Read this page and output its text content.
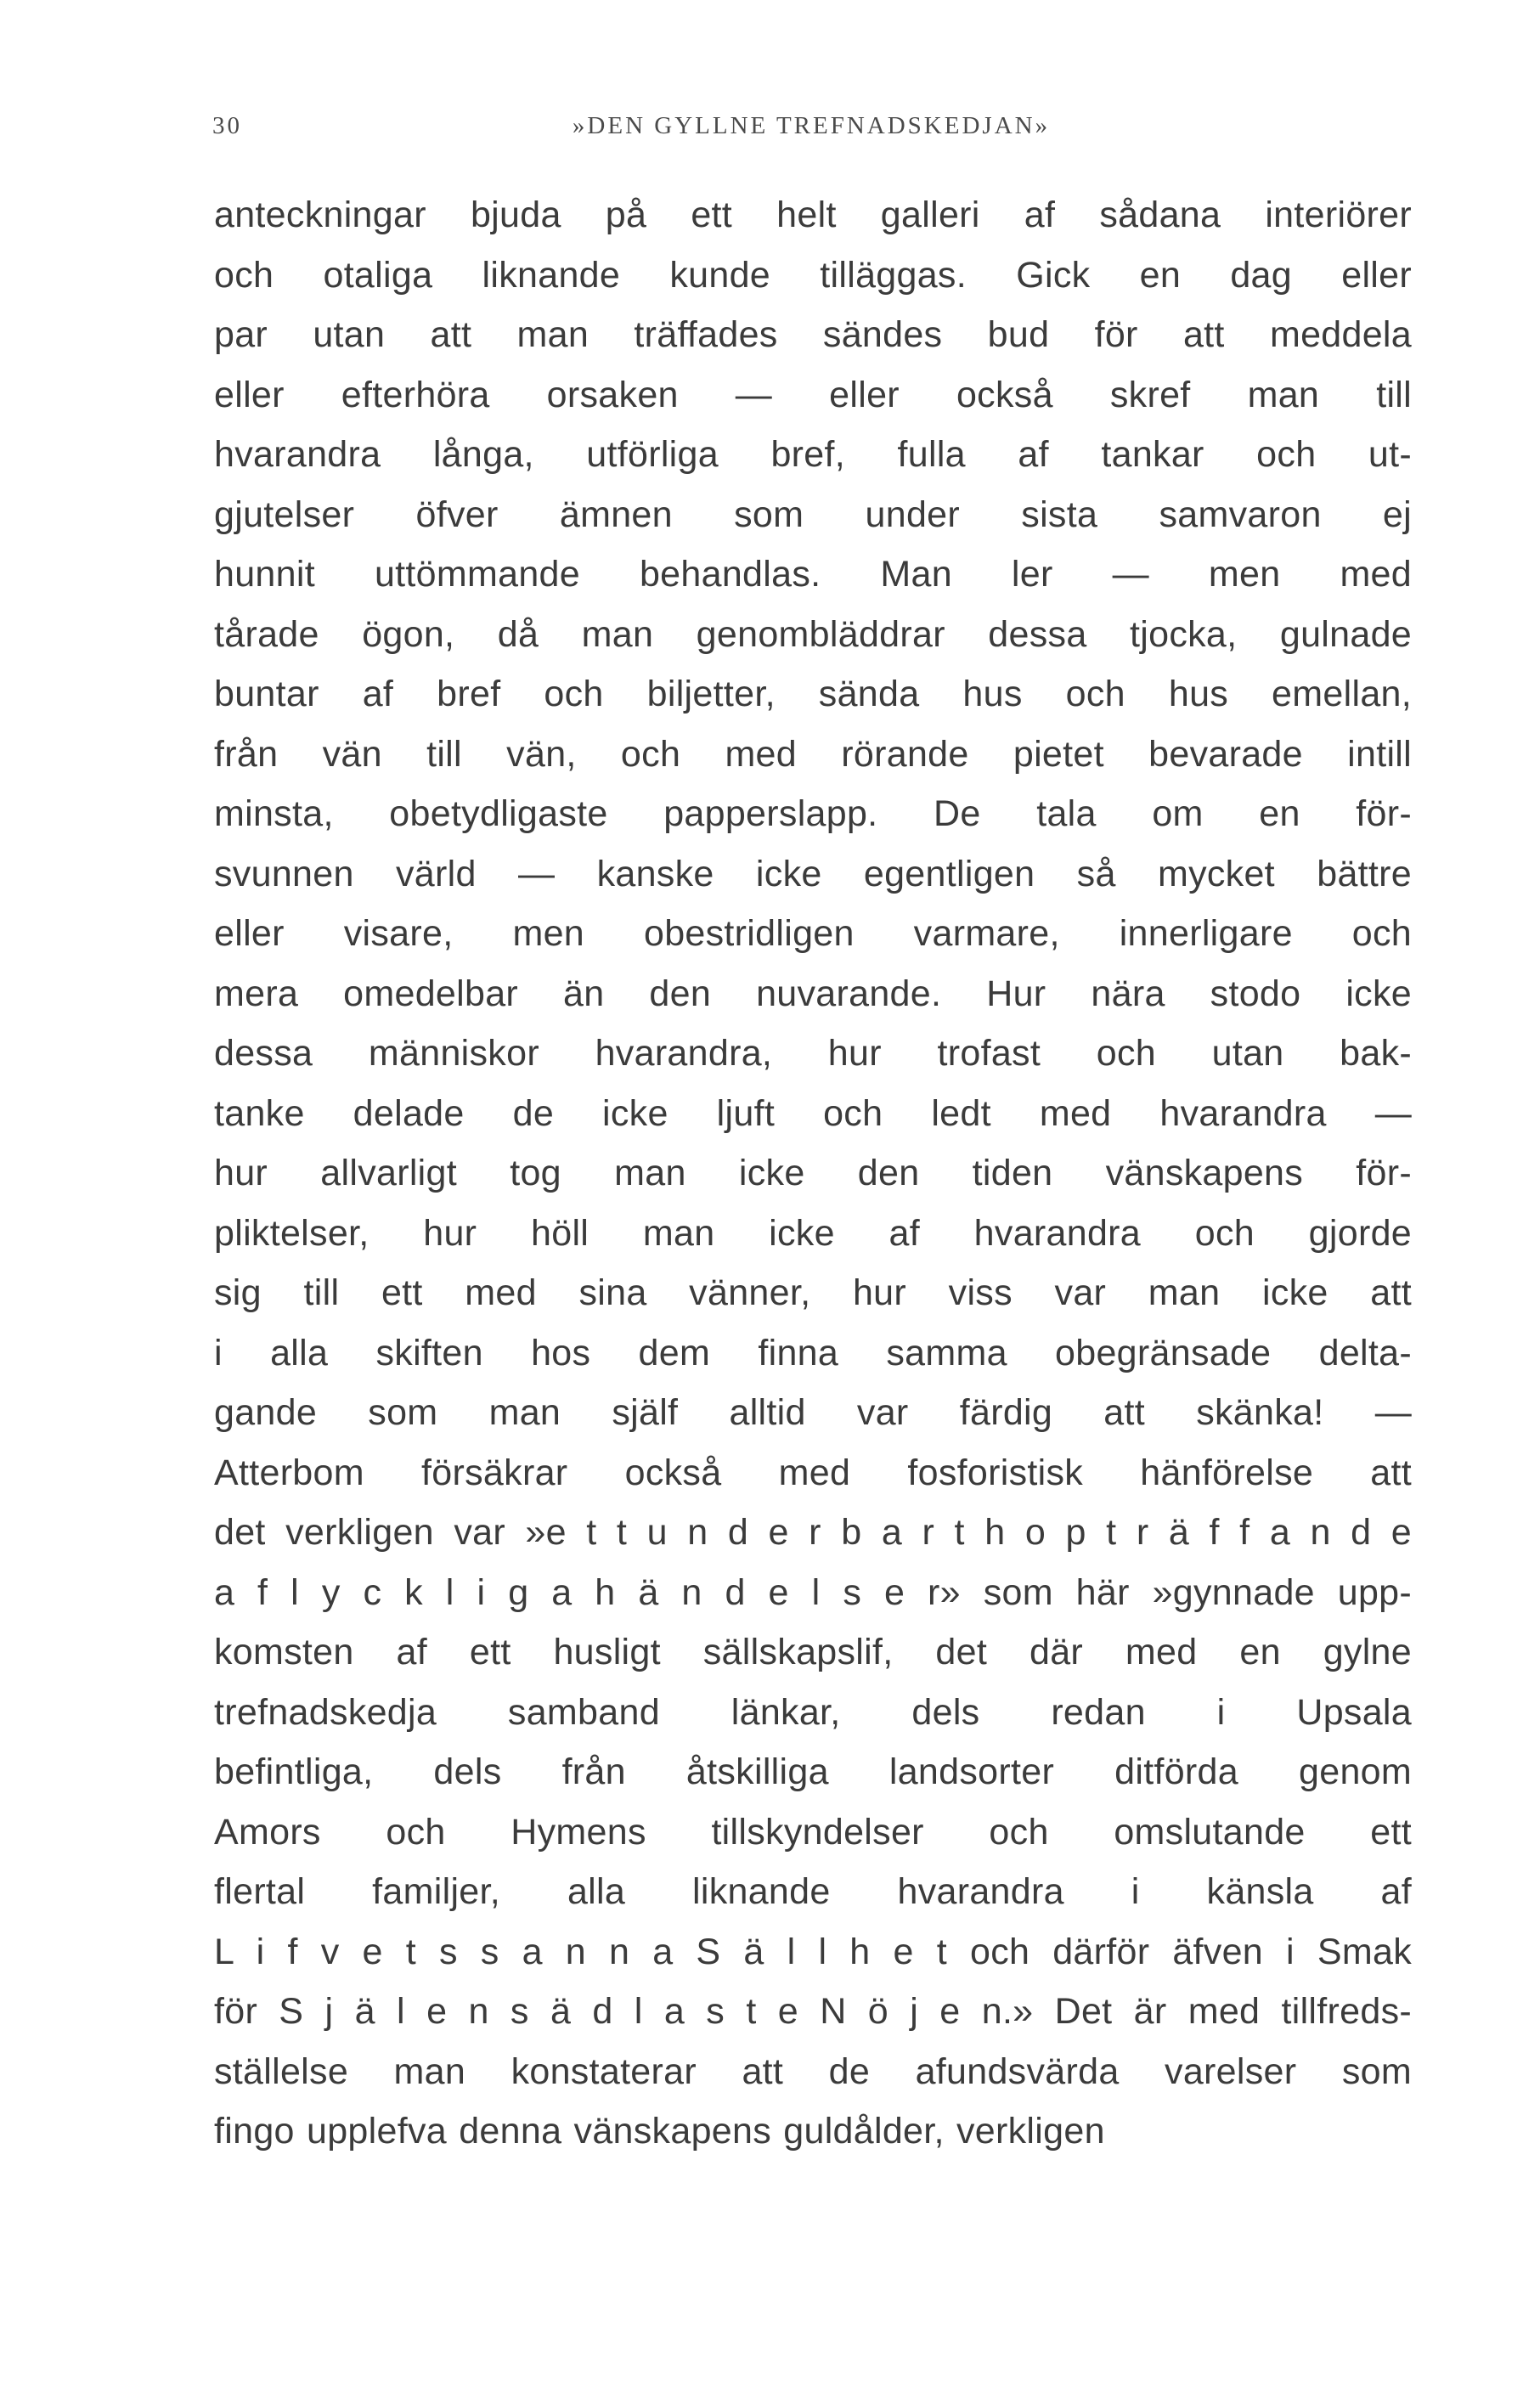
30	»DEN GYLLNE TREFNADSKEDJAN»
anteckningar bjuda på ett helt galleri af sådana interiörer
och otaliga liknande kunde tilläggas. Gick en dag eller
par utan att man träffades sändes bud för att meddela
eller efterhöra orsaken — eller också skref man till
hvarandra långa, utförliga bref, fulla af tankar och ut-
gjutelser öfver ämnen som under sista samvaron ej
hunnit uttömmande behandlas. Man ler — men med
tårade ögon, då man genombläddrar dessa tjocka, gulnade
buntar af bref och biljetter, sända hus och hus emellan,
från vän till vän, och med rörande pietet bevarade intill
minsta, obetydligaste papperslapp. De tala om en för-
svunnen värld — kanske icke egentligen så mycket bättre
eller visare, men obestridligen varmare, innerligare och
mera omedelbar än den nuvarande. Hur nära stodo icke
dessa människor hvarandra, hur trofast och utan bak-
tanke delade de icke ljuft och ledt med hvarandra —
hur allvarligt tog man icke den tiden vänskapens för-
pliktelser, hur höll man icke af hvarandra och gjorde
sig till ett med sina vänner, hur viss var man icke att
i alla skiften hos dem finna samma obegränsade delta-
gande som man själf alltid var färdig att skänka! —
Atterbom försäkrar också med fosforistisk hänförelse att
det verkligen var »e t t u n d e r b a r t h o p t r ä f f a n d e
a f l y c k l i g a h ä n d e l s e r» som här »gynnade upp-
komsten af ett husligt sällskapslif, det där med en gylne
trefnadskedja samband länkar, dels redan i Upsala
befintliga, dels från åtskilliga landsorter ditförda genom
Amors och Hymens tillskyndelser och omslutande ett
flertal familjer, alla liknande hvarandra i känsla af
L i f v e t s s a n n a S ä l l h e t och därför äfven i Smak
för S j ä l e n s ä d l a s t e N ö j e n.» Det är med tillfreds-
ställelse man konstaterar att de afundsvärda varelser som
fingo upplefva denna vänskapens guldålder, verkligen
